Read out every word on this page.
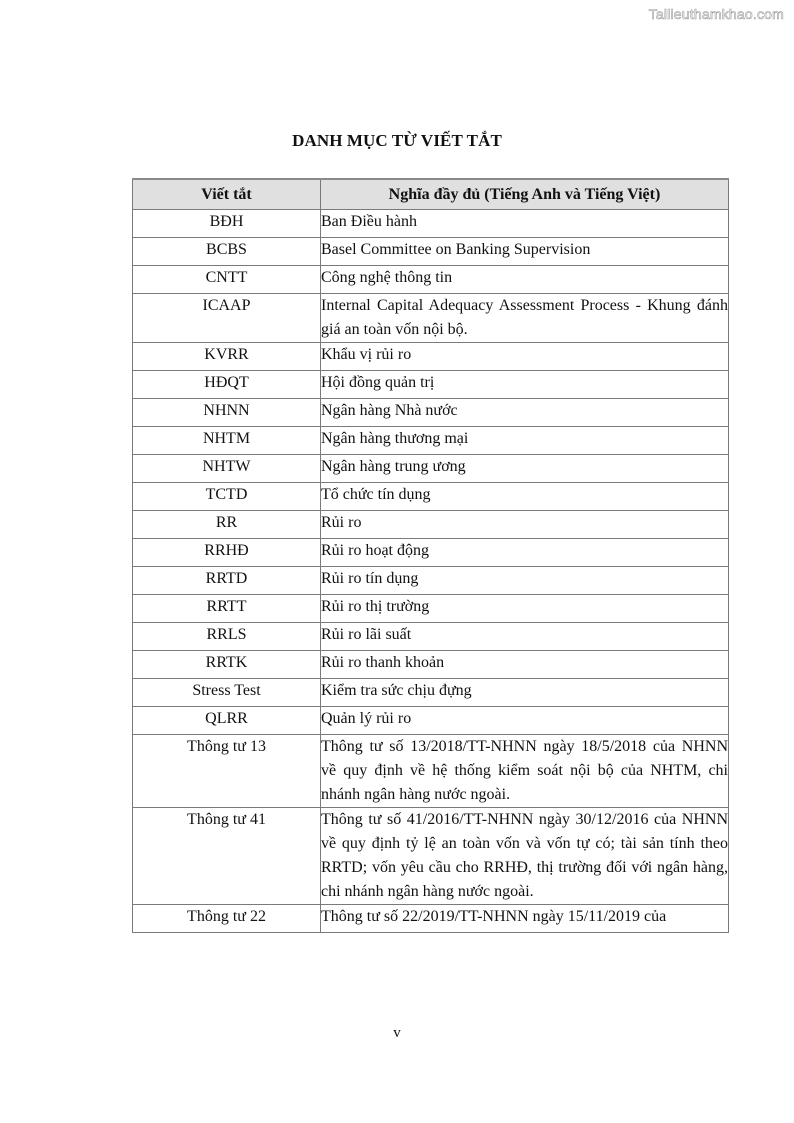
Tailieuthamkhao.com
DANH MỤC TỪ VIẾT TẮT
Viết tắt	Nghĩa đầy đủ (Tiếng Anh và Tiếng Việt)
BĐH	Ban Điều hành
BCBS	Basel Committee on Banking Supervision
CNTT	Công nghệ thông tin
ICAAP	Internal Capital Adequacy Assessment Process - Khung đánh giá an toàn vốn nội bộ.
KVRR	Khẩu vị rủi ro
HĐQT	Hội đồng quản trị
NHNN	Ngân hàng Nhà nước
NHTM	Ngân hàng thương mại
NHTW	Ngân hàng trung ương
TCTD	Tổ chức tín dụng
RR	Rủi ro
RRHĐ	Rủi ro hoạt động
RRTD	Rủi ro tín dụng
RRTT	Rủi ro thị trường
RRLS	Rủi ro lãi suất
RRTK	Rủi ro thanh khoản
Stress Test	Kiểm tra sức chịu đựng
QLRR	Quản lý rủi ro
Thông tư 13	Thông tư số 13/2018/TT-NHNN ngày 18/5/2018 của NHNN về quy định về hệ thống kiểm soát nội bộ của NHTM, chi nhánh ngân hàng nước ngoài.
Thông tư 41	Thông tư số 41/2016/TT-NHNN ngày 30/12/2016 của NHNN về quy định tỷ lệ an toàn vốn và vốn tự có; tài sản tính theo RRTD; vốn yêu cầu cho RRHĐ, thị trường đối với ngân hàng, chi nhánh ngân hàng nước ngoài.
Thông tư 22	Thông tư số 22/2019/TT-NHNN ngày 15/11/2019 của
v
